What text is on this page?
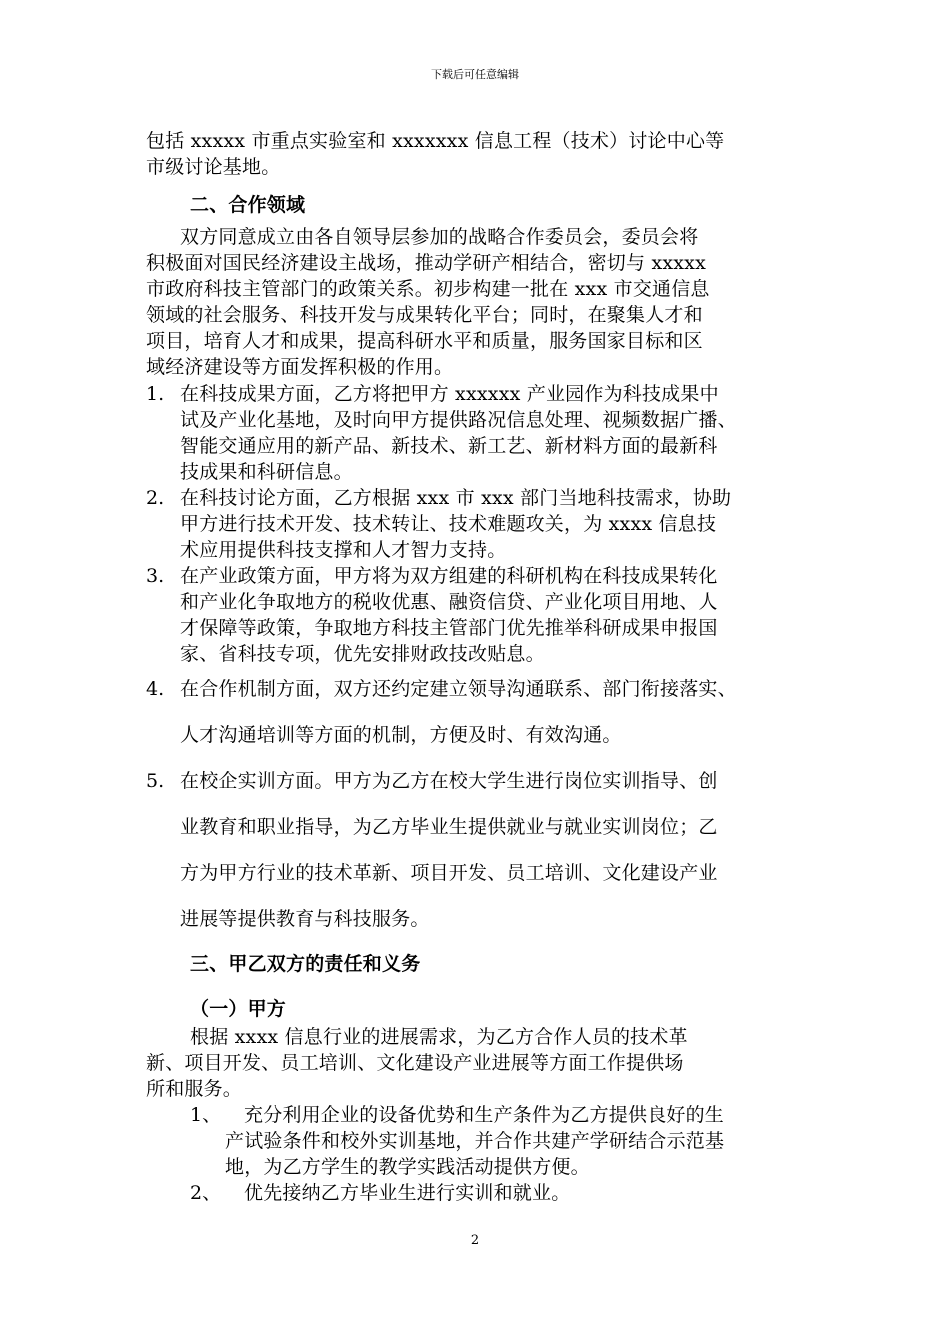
下载后可任意编辑
包括 xxxxx 市重点实验室和 xxxxxxx 信息工程（技术）讨论中心等
市级讨论基地。
二、合作领域
双方同意成立由各自领导层参加的战略合作委员会，委员会将
积极面对国民经济建设主战场，推动学研产相结合，密切与 xxxxx
市政府科技主管部门的政策关系。初步构建一批在 xxx 市交通信息
领域的社会服务、科技开发与成果转化平台；同时，在聚集人才和
项目，培育人才和成果，提高科研水平和质量，服务国家目标和区
域经济建设等方面发挥积极的作用。
1. 在科技成果方面，乙方将把甲方 xxxxxx 产业园作为科技成果中
试及产业化基地，及时向甲方提供路况信息处理、视频数据广播、
智能交通应用的新产品、新技术、新工艺、新材料方面的最新科
技成果和科研信息。
2. 在科技讨论方面，乙方根据 xxx 市 xxx 部门当地科技需求，协助
甲方进行技术开发、技术转让、技术难题攻关，为 xxxx 信息技
术应用提供科技支撑和人才智力支持。
3. 在产业政策方面，甲方将为双方组建的科研机构在科技成果转化
和产业化争取地方的税收优惠、融资信贷、产业化项目用地、人
才保障等政策，争取地方科技主管部门优先推举科研成果申报国
家、省科技专项，优先安排财政技改贴息。
4. 在合作机制方面，双方还约定建立领导沟通联系、部门衔接落实、
人才沟通培训等方面的机制，方便及时、有效沟通。
5. 在校企实训方面。甲方为乙方在校大学生进行岗位实训指导、创
业教育和职业指导，为乙方毕业生提供就业与就业实训岗位；乙
方为甲方行业的技术革新、项目开发、员工培训、文化建设产业
进展等提供教育与科技服务。
三、甲乙双方的责任和义务
（一）甲方
根据 xxxx 信息行业的进展需求，为乙方合作人员的技术革
新、项目开发、员工培训、文化建设产业进展等方面工作提供场
所和服务。
1、 充分利用企业的设备优势和生产条件为乙方提供良好的生
产试验条件和校外实训基地，并合作共建产学研结合示范基
地，为乙方学生的教学实践活动提供方便。
2、 优先接纳乙方毕业生进行实训和就业。
2
